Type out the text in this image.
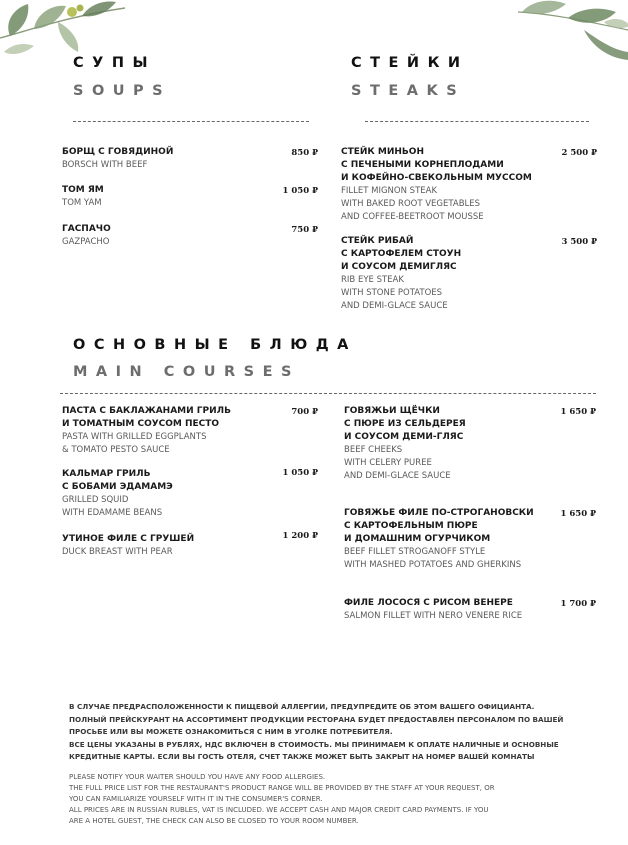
СУПЫ
SOUPS
СТЕЙКИ
STEAKS

БОРЩ С ГОВЯДИНОЙ

BORSCH WITH BEEF

850 ₽

ТОМ ЯМ

TOM YAM

1 050 ₽

ГАСПАЧО

GAZPACHO

750 ₽

СТЕЙК МИНЬОН
С ПЕЧЕНЫМИ КОРНЕПЛОДАМИ
И КОФЕЙНО-СВЕКОЛЬНЫМ МУССОМ

FILLET MIGNON STEAK
WITH BAKED ROOT VEGETABLES
AND COFFEE-BEETROOT MOUSSE

2 500 ₽

СТЕЙК РИБАЙ
С КАРТОФЕЛЕМ СТОУН
И СОУСОМ ДЕМИГЛЯС

RIB EYE STEAK
WITH STONE POTATOES
AND DEMI-GLACE SAUCE

3 500 ₽

ОСНОВНЫЕ БЛЮДА
MAIN COURSES

ПАСТА С БАКЛАЖАНАМИ ГРИЛЬ
И ТОМАТНЫМ СОУСОМ ПЕСТО

PASTA WITH GRILLED EGGPLANTS
& TOMATO PESTO SAUCE

700 ₽

КАЛЬМАР ГРИЛЬ
С БОБАМИ ЭДАМАМЭ

GRILLED SQUID
WITH EDAMAME BEANS

1 050 ₽

УТИНОЕ ФИЛЕ С ГРУШЕЙ

DUCK BREAST WITH PEAR

1 200 ₽

ГОВЯЖЬИ ЩЁЧКИ
С ПЮРЕ ИЗ СЕЛЬДЕРЕЯ
И СОУСОМ ДЕМИ-ГЛЯС

BEEF CHEEKS
WITH CELERY PUREE
AND DEMI-GLACE SAUCE

1 650 ₽

ГОВЯЖЬЕ ФИЛЕ ПО-СТРОГАНОВСКИ
С КАРТОФЕЛЬНЫМ ПЮРЕ
И ДОМАШНИМ ОГУРЧИКОМ

BEEF FILLET STROGANOFF STYLE
WITH MASHED POTATOES AND GHERKINS

1 650 ₽

ФИЛЕ ЛОСОСЯ С РИСОМ ВЕНЕРЕ

SALMON FILLET WITH NERO VENERE RICE

1 700 ₽

В СЛУЧАЕ ПРЕДРАСПОЛОЖЕННОСТИ К ПИЩЕВОЙ АЛЛЕРГИИ, ПРЕДУПРЕДИТЕ ОБ ЭТОМ ВАШЕГО ОФИЦИАНТА.
ПОЛНЫЙ ПРЕЙСКУРАНТ НА АССОРТИМЕНТ ПРОДУКЦИИ РЕСТОРАНА БУДЕТ ПРЕДОСТАВЛЕН ПЕРСОНАЛОМ ПО ВАШЕЙ
ПРОСЬБЕ ИЛИ ВЫ МОЖЕТЕ ОЗНАКОМИТЬСЯ С НИМ В УГОЛКЕ ПОТРЕБИТЕЛЯ.
ВСЕ ЦЕНЫ УКАЗАНЫ В РУБЛЯХ, НДС ВКЛЮЧЕН В СТОИМОСТЬ. МЫ ПРИНИМАЕМ К ОПЛАТЕ НАЛИЧНЫЕ И ОСНОВНЫЕ
КРЕДИТНЫЕ КАРТЫ. ЕСЛИ ВЫ ГОСТЬ ОТЕЛЯ, СЧЕТ ТАКЖЕ МОЖЕТ БЫТЬ ЗАКРЫТ НА НОМЕР ВАШЕЙ КОМНАТЫ

PLEASE NOTIFY YOUR WAITER SHOULD YOU HAVE ANY FOOD ALLERGIES.
THE FULL PRICE LIST FOR THE RESTAURANT'S PRODUCT RANGE WILL BE PROVIDED BY THE STAFF AT YOUR REQUEST, OR
YOU CAN FAMILIARIZE YOURSELF WITH IT IN THE CONSUMER'S CORNER.
ALL PRICES ARE IN RUSSIAN RUBLES, VAT IS INCLUDED. WE ACCEPT CASH AND MAJOR CREDIT CARD PAYMENTS. IF YOU
ARE A HOTEL GUEST, THE CHECK CAN ALSO BE CLOSED TO YOUR ROOM NUMBER.
